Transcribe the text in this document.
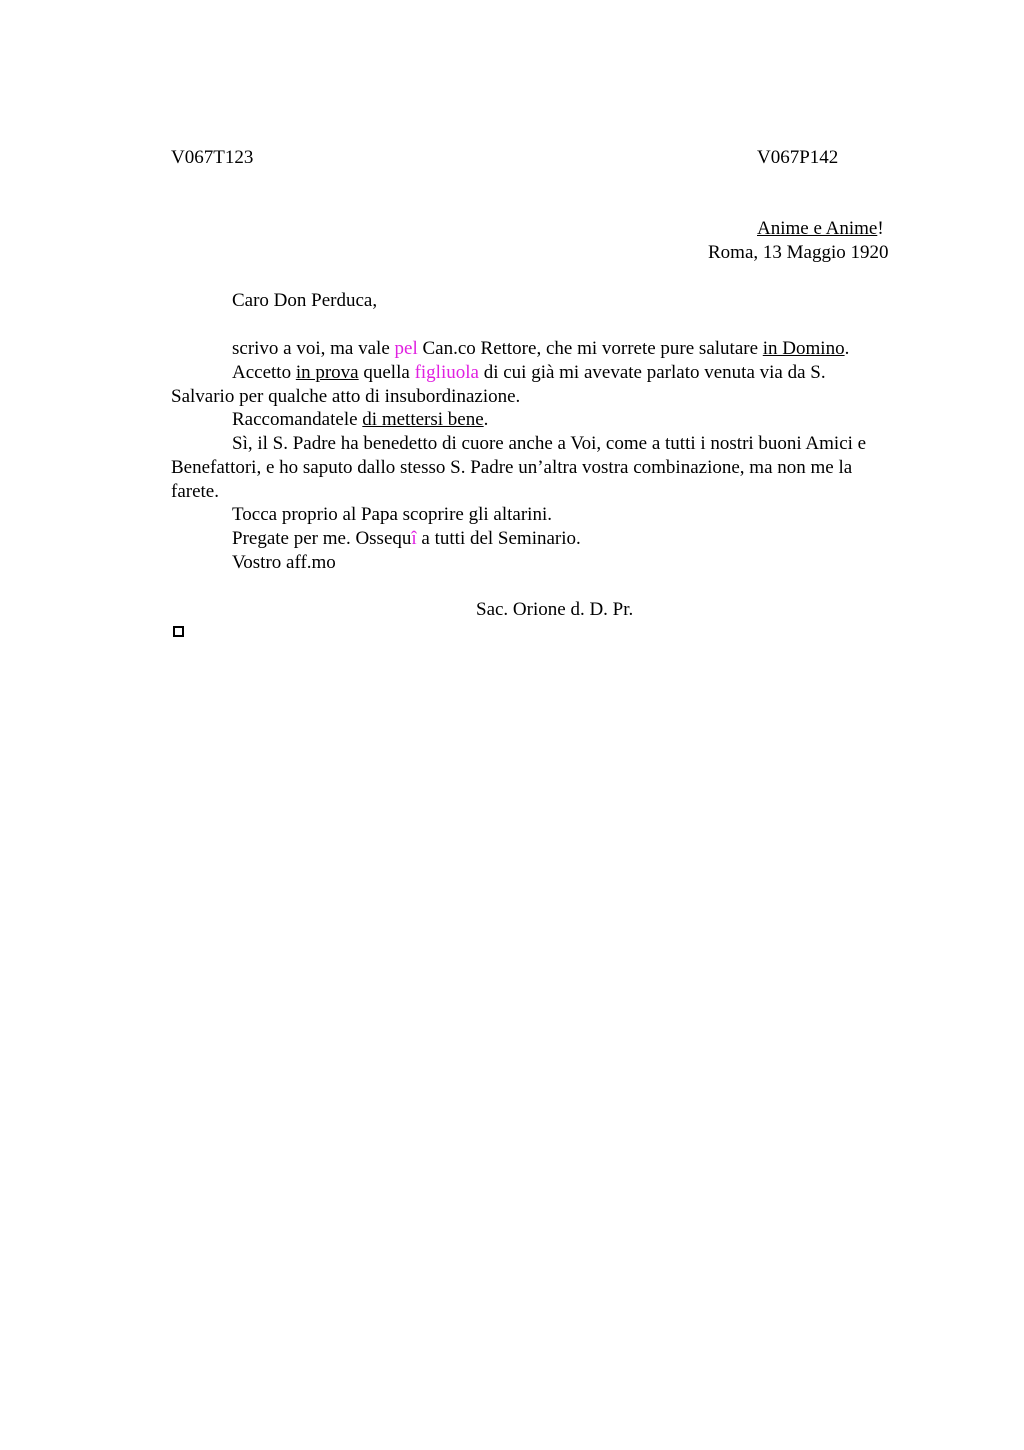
V067T123	V067P142
Anime e Anime!
Roma, 13 Maggio 1920
Caro Don Perduca,
scrivo a voi, ma vale pel Can.co Rettore, che mi vorrete pure salutare in Domino.
Accetto in prova quella figliuola di cui già mi avevate parlato venuta via da S.
Salvario per qualche atto di insubordinazione.
Raccomandatele di mettersi bene.
Sì, il S. Padre ha benedetto di cuore anche a Voi, come a tutti i nostri buoni Amici e
Benefattori, e ho saputo dallo stesso S. Padre un’altra vostra combinazione, ma non me la
farete.
Tocca proprio al Papa scoprire gli altarini.
Pregate per me. Ossequî a tutti del Seminario.
Vostro aff.mo
Sac. Orione d. D. Pr.
